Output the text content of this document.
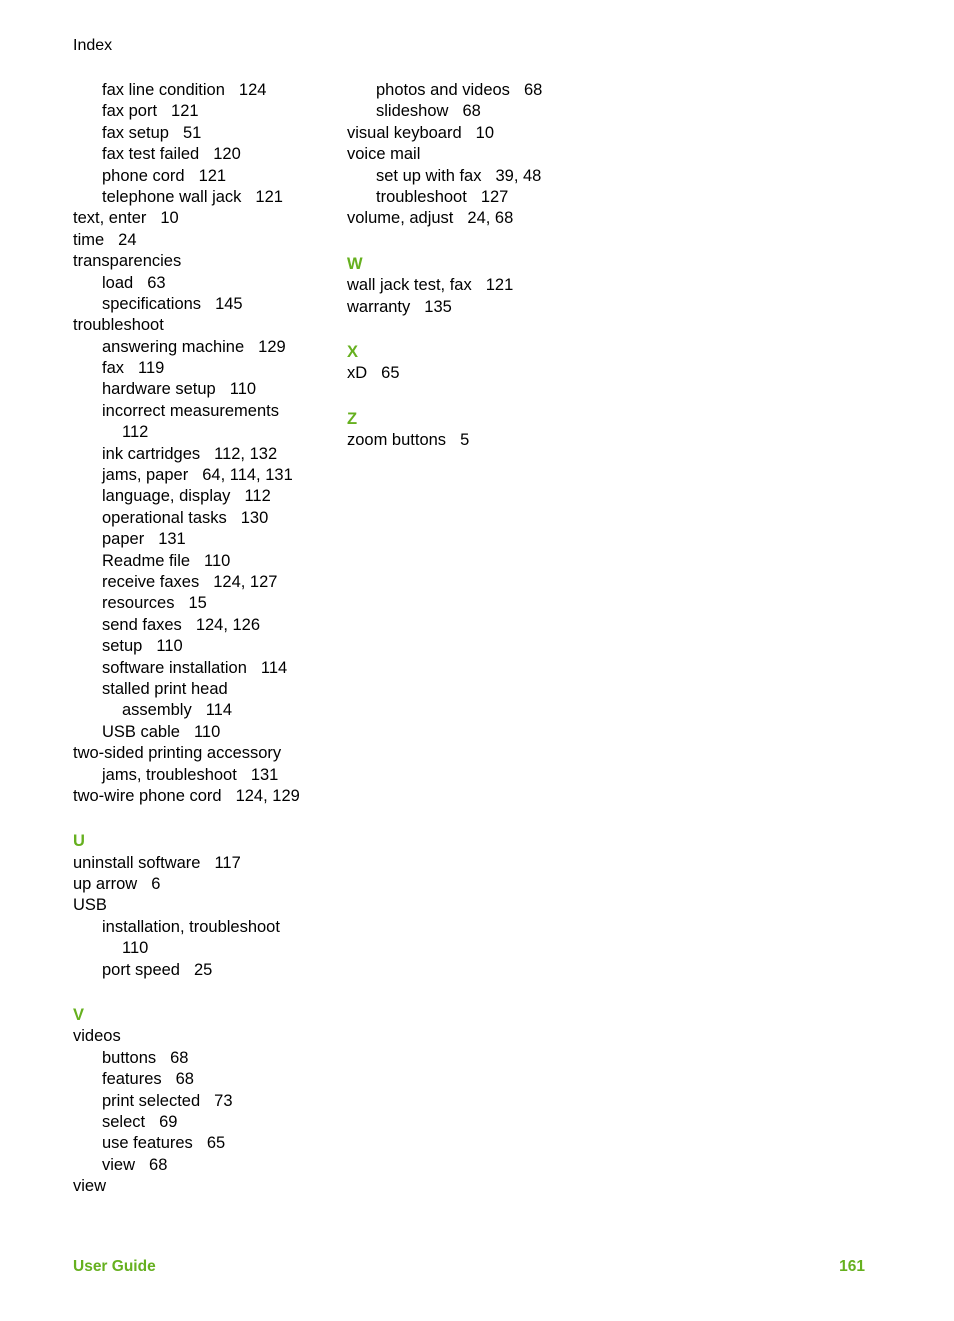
Index
fax line condition 124
fax port 121
fax setup 51
fax test failed 120
phone cord 121
telephone wall jack 121
text, enter 10
time 24
transparencies
load 63
specifications 145
troubleshoot
answering machine 129
fax 119
hardware setup 110
incorrect measurements
112
ink cartridges 112, 132
jams, paper 64, 114, 131
language, display 112
operational tasks 130
paper 131
Readme file 110
receive faxes 124, 127
resources 15
send faxes 124, 126
setup 110
software installation 114
stalled print head
assembly 114
USB cable 110
two-sided printing accessory
jams, troubleshoot 131
two-wire phone cord 124, 129
U
uninstall software 117
up arrow 6
USB
installation, troubleshoot
110
port speed 25
V
videos
buttons 68
features 68
print selected 73
select 69
use features 65
view 68
view
photos and videos 68
slideshow 68
visual keyboard 10
voice mail
set up with fax 39, 48
troubleshoot 127
volume, adjust 24, 68
W
wall jack test, fax 121
warranty 135
X
xD 65
Z
zoom buttons 5
User Guide	161
